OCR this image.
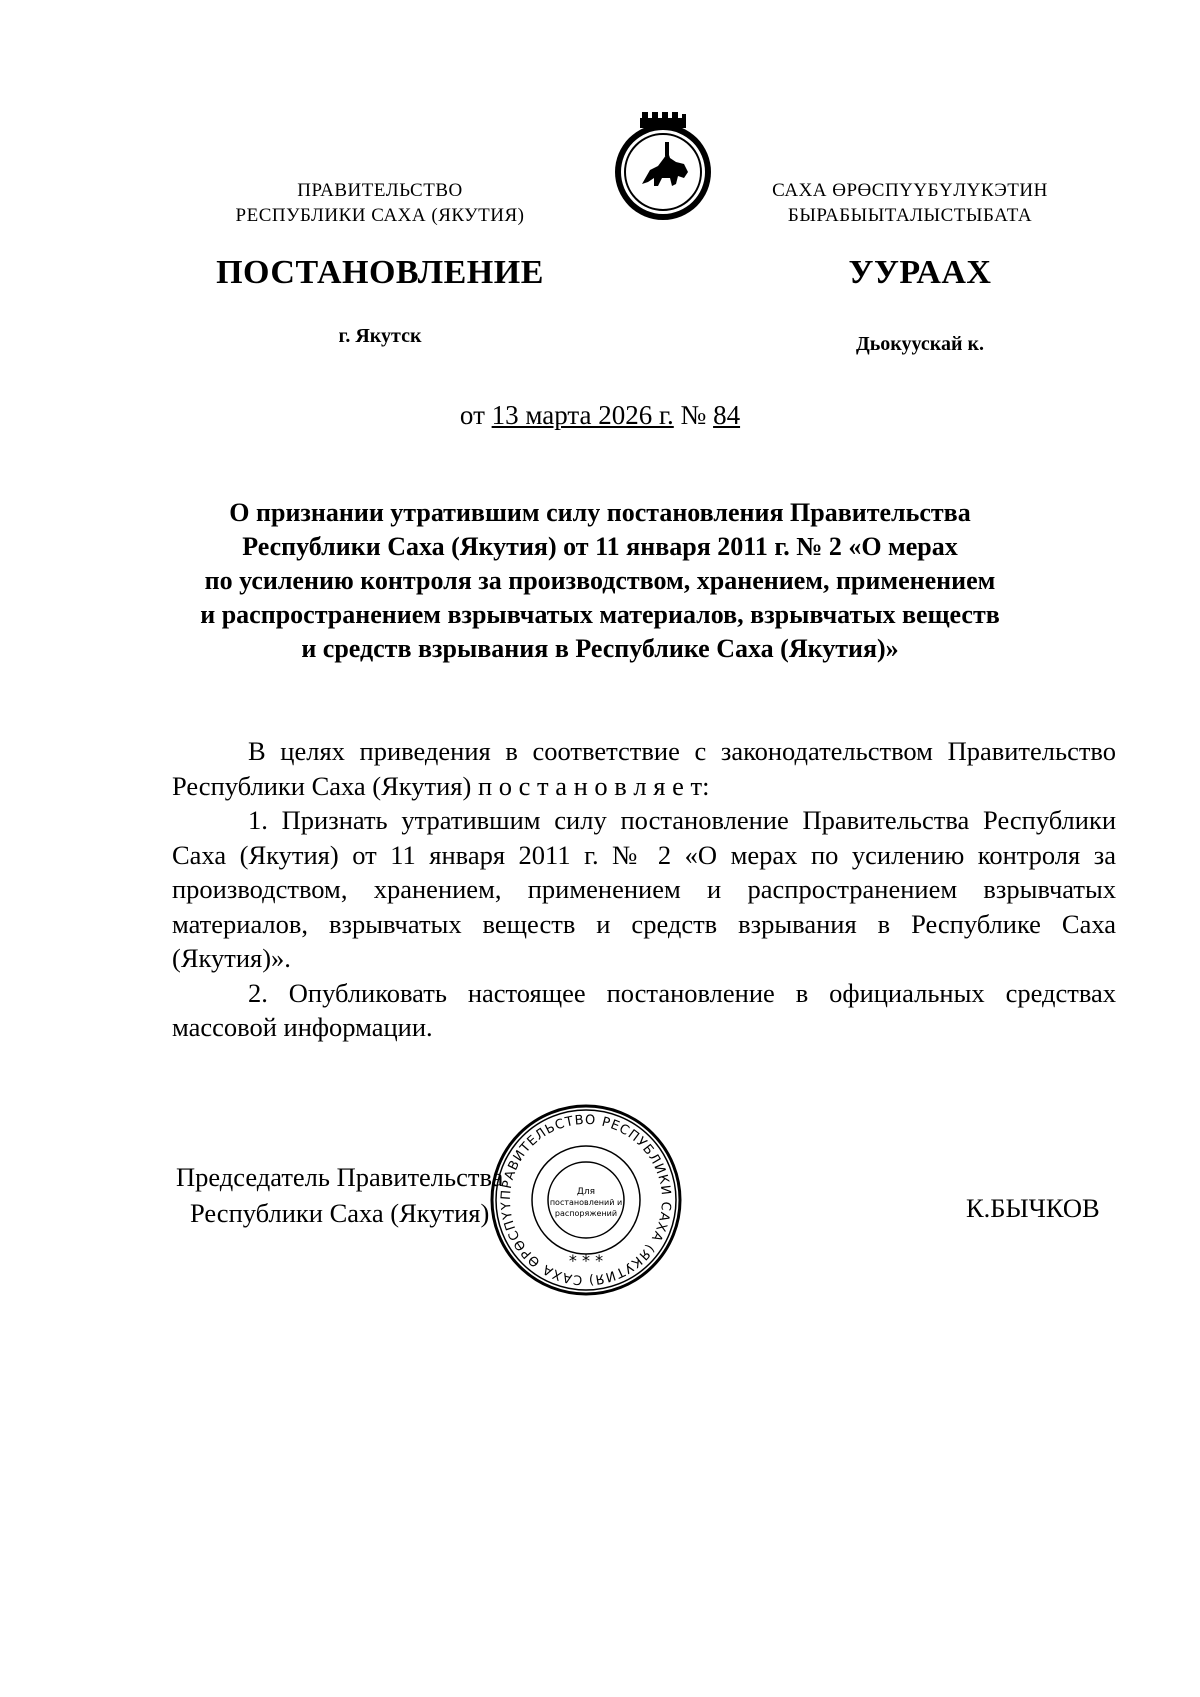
ПРАВИТЕЛЬСТВО
РЕСПУБЛИКИ САХА (ЯКУТИЯ)
САХА ӨРӨСПҮҮБҮЛҮКЭТИН
БЫРАБЫЫТАЛЫСТЫБАТА
ПОСТАНОВЛЕНИЕ	УУРААХ
г. Якутск	Дьокуускай к.
от 13 марта 2026 г. № 84
О признании утратившим силу постановления Правительства
Республики Саха (Якутия) от 11 января 2011 г. № 2 «О мерах
по усилению контроля за производством, хранением, применением
и распространением взрывчатых материалов, взрывчатых веществ
и средств взрывания в Республике Саха (Якутия)»
В целях приведения в соответствие с законодательством Правительство
Республики Саха (Якутия) п о с т а н о в л я е т:
1. Признать утратившим силу постановление Правительства Республики Саха (Якутия) от 11 января 2011 г. № 2 «О мерах по усилению контроля за производством, хранением, применением и распространением взрывчатых материалов, взрывчатых веществ и средств взрывания в Республике Саха (Якутия)».
2. Опубликовать настоящее постановление в официальных средствах массовой информации.
ПРАВИТЕЛЬСТВО РЕСПУБЛИКИ САХА (ЯКУТИЯ) САХА ӨРӨСПҮҮ
* * *
Для
постановлений и
распоряжений
Председатель Правительства
Республики Саха (Якутия)	К.БЫЧКОВ
